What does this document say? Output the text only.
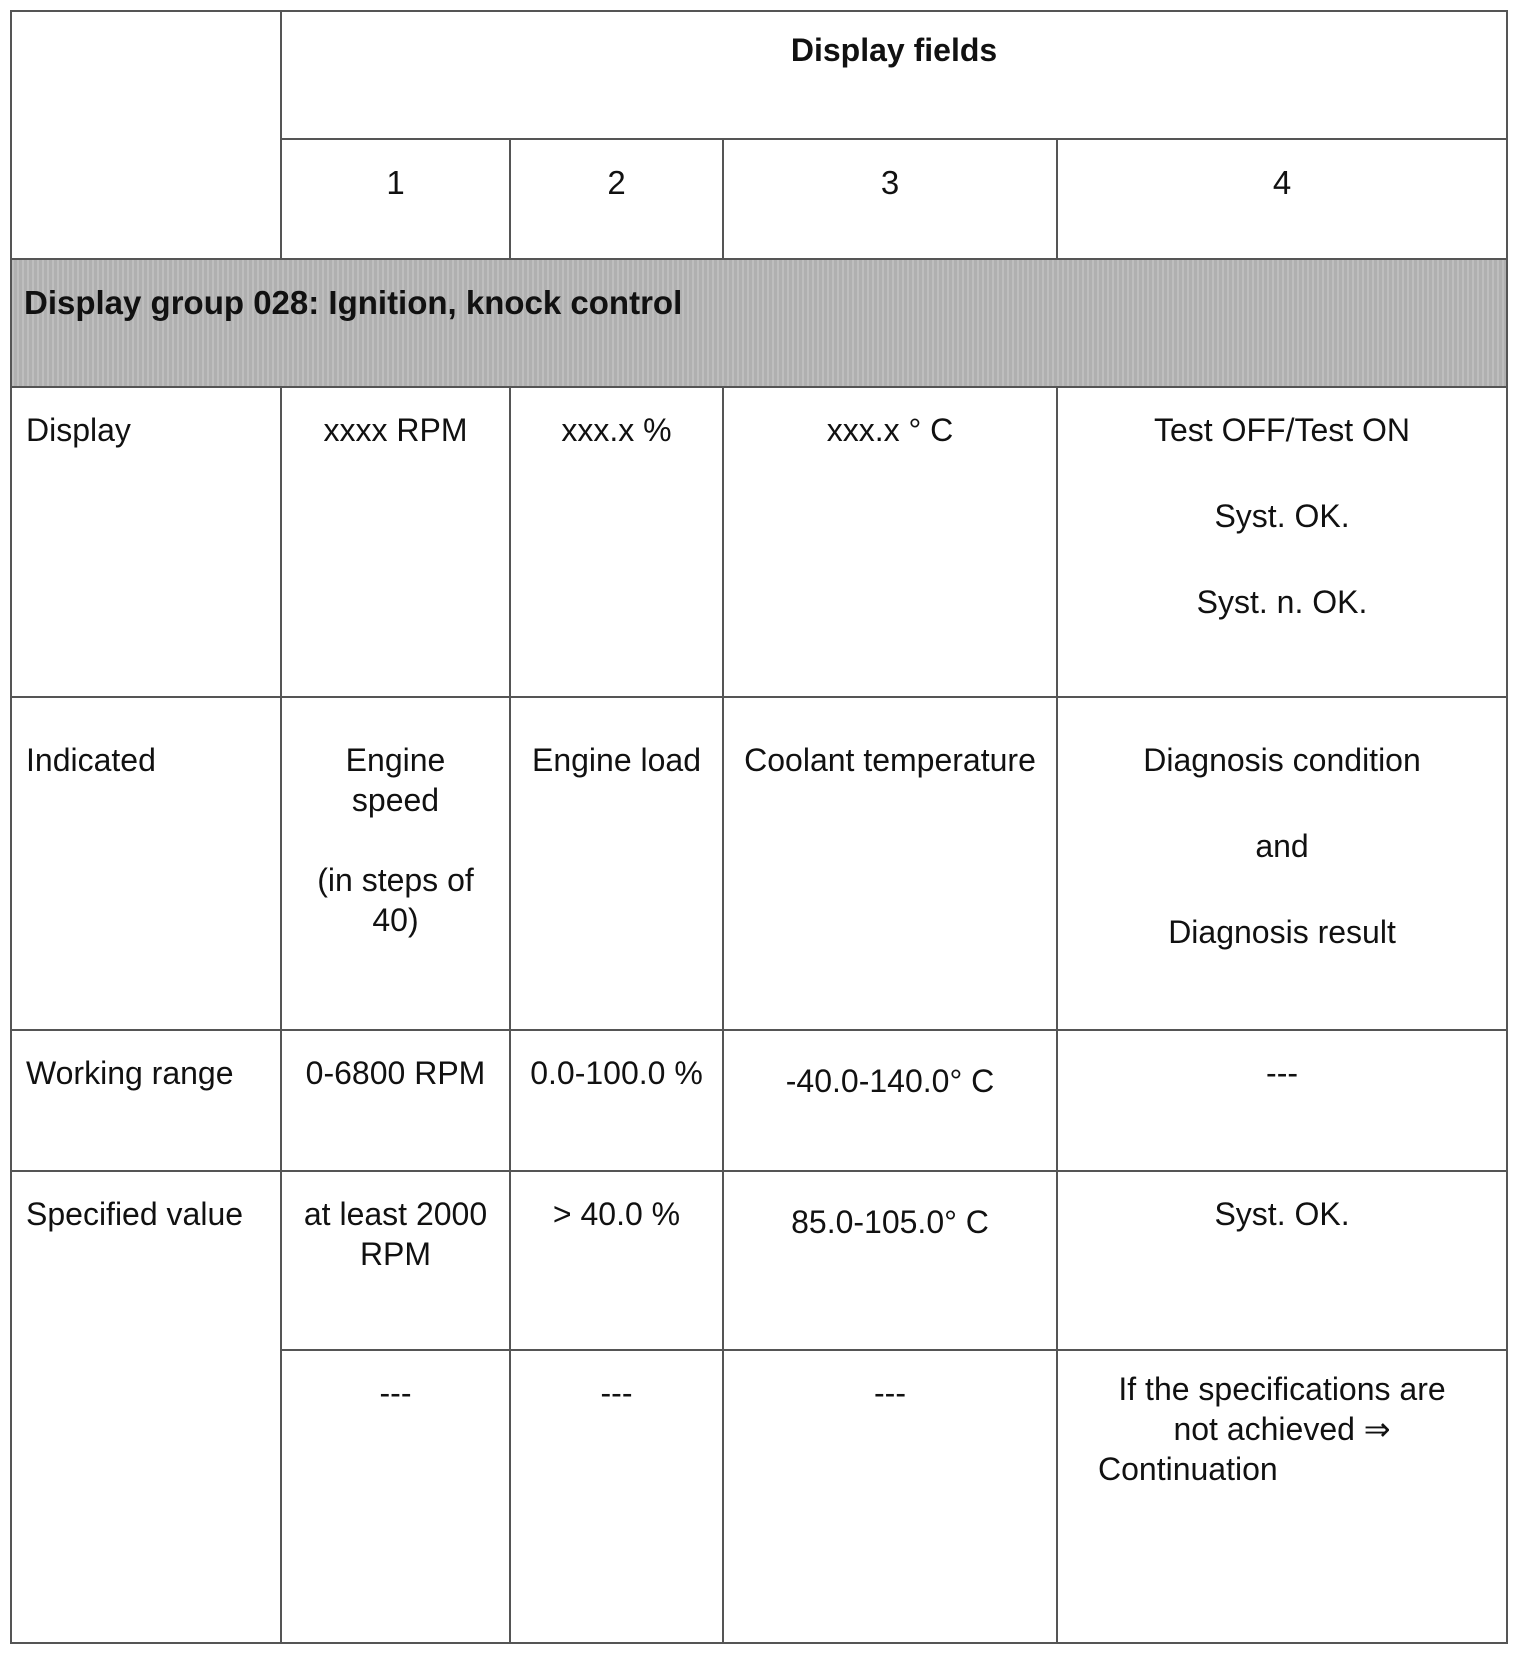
	Display fields			
	1	2	3	4
Display group 028: Ignition, knock control				
Display	xxxx RPM	xxx.x %	xxx.x ° C	Test OFF/Test ON
Syst. OK.
Syst. n. OK.

Indicated	Engine
speed
(in steps of
40)	Engine load	Coolant temperature	Diagnosis condition
and
Diagnosis result

Working range	0-6800 RPM	0.0-100.0 %	-40.0-140.0° C	---
Specified value	at least 2000
RPM	> 40.0 %	85.0-105.0° C	Syst. OK.
	---	---	---	If the specifications are
not achieved ⇒
Continuation
